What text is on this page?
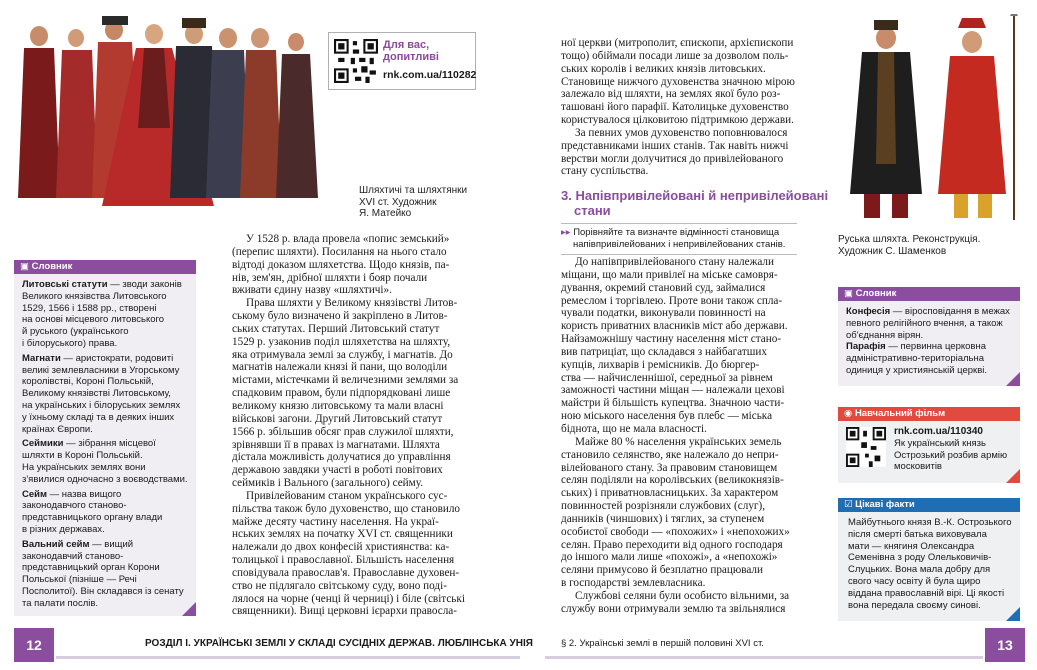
Для вас,
допитливі
rnk.com.ua/110282
Шляхтичі та шляхтянки
XVI ст. Художник
Я. Матейко
▣ Словник

Литовські статути — зводи законів
Великого князівства Литовського
1529, 1566 і 1588 рр., створені
на основі місцевого литовського
й руського (українського
і білоруського) права.

Магнати — аристократи, родовиті
великі землевласники в Угорському
королівстві, Короні Польській,
Великому князівстві Литовському,
на українських і білоруських землях
у їхньому складі та в деяких інших
країнах Європи.

Сеймики — зібрання місцевої
шляхти в Короні Польській.
На українських землях вони
з'явилися одночасно з воєводствами.

Сейм — назва вищого
законодавчого станово-
представницького органу влади
в різних державах.

Вальний сейм — вищий
законодавчий станово-
представницький орган Корони
Польської (пізніше — Речі
Посполитої). Він складався із сенату
та палати послів.

У 1528 р. влада провела «попис земський»
(перепис шляхти). Посилання на нього стало
відтоді доказом шляхетства. Щодо князів, па-
нів, зем'ян, дрібної шляхти і бояр почали
вживати єдину назву «шляхтичі».
Права шляхти у Великому князівстві Литов-
ському було визначено й закріплено в Литов-
ських статутах. Перший Литовський статут
1529 р. узаконив поділ шляхетства на шляхту,
яка отримувала землі за службу, і магнатів. До
магнатів належали князі й пани, що володіли
містами, містечками й величезними землями за
спадковим правом, були підпорядковані лише
великому князю литовському та мали власні
військові загони. Другий Литовський статут
1566 р. збільшив обсяг прав служилої шляхти,
зрівнявши її в правах із магнатами. Шляхта
дістала можливість долучатися до управління
державою завдяки участі в роботі повітових
сеймиків і Вального (загального) сейму.
Привілейованим станом українського сус-
пільства також було духовенство, що становило
майже десяту частину населення. На украї-
нських землях на початку XVI ст. священники
належали до двох конфесій християнства: ка-
толицької і православної. Більшість населення
сповідувала православ'я. Православне духовен-
ство не підлягало світському суду, воно поді-
лялося на чорне (ченці й черниці) і біле (світські
священники). Вищі церковні ієрархи правосла-
12	РОЗДІЛ І. УКРАЇНСЬКІ ЗЕМЛІ У СКЛАДІ СУСІДНІХ ДЕРЖАВ. ЛЮБЛІНСЬКА УНІЯ
ної церкви (митрополит, єпископи, архієпископи
тощо) обіймали посади лише за дозволом поль-
ських королів і великих князів литовських.
Становище нижчого духовенства значною мірою
залежало від шляхти, на землях якої було роз-
ташовані його парафії. Католицьке духовенство
користувалося цілковитою підтримкою держави.
За певних умов духовенство поповнювалося
представниками інших станів. Так навіть нижчі
верстви могли долучитися до привілейованого
стану суспільства.
3. Напівпривілейовані й непривілейовані
стани
▸▸ Порівняйте та визначте відмінності становища
напівпривілейованих і непривілейованих станів.
До напівпривілейованого стану належали
міщани, що мали привілеї на міське самовря-
дування, окремий становий суд, займалися
ремеслом і торгівлею. Проте вони також спла-
чували податки, виконували повинності на
користь приватних власників міст або держави.
Найзаможнішу частину населення міст стано-
вив патриціат, що складався з найбагатших
купців, лихварів і ремісників. До бюргер-
ства — найчисленнішої, середньої за рівнем
заможності частини міщан — належали цехові
майстри й більшість купецтва. Значною части-
ною міського населення був плебс — міська
біднота, що не мала власності.
Майже 80 % населення українських земель
становило селянство, яке належало до непри-
вілейованого стану. За правовим становищем
селян поділяли на королівських (великокнязів-
ських) і приватновласницьких. За характером
повинностей розрізняли службових (слуг),
данників (чиншових) і тяглих, за ступенем
особистої свободи — «похожих» і «непохожих»
селян. Право переходити від одного господаря
до іншого мали лише «похожі», а «непохожі»
селяни примусово й безплатно працювали
в господарстві землевласника.
Службові селяни були особисто вільними, за
службу вони отримували землю та звільнялися
Руська шляхта. Реконструкція.
Художник С. Шаменков
▣ Словник

Конфесія — віросповідання в межах
певного релігійного вчення, а також
об'єднання вірян.

Парафія — первинна церковна
адміністративно-територіальна
одиниця у християнській церкві.

◉ Навчальний фільм
rnk.com.ua/110340
Як український князь
Острозький розбив армію
московитів
☑ Цікаві факти
Майбутнього князя В.-К. Острозького
після смерті батька виховувала
мати — княгиня Олександра
Семенівна з роду Олельковичів-
Слуцьких. Вона мала добру для
свого часу освіту й була щиро
віддана православній вірі. Ці якості
вона передала своєму синові.
13
§ 2. Українські землі в першій половині XVI ст.
